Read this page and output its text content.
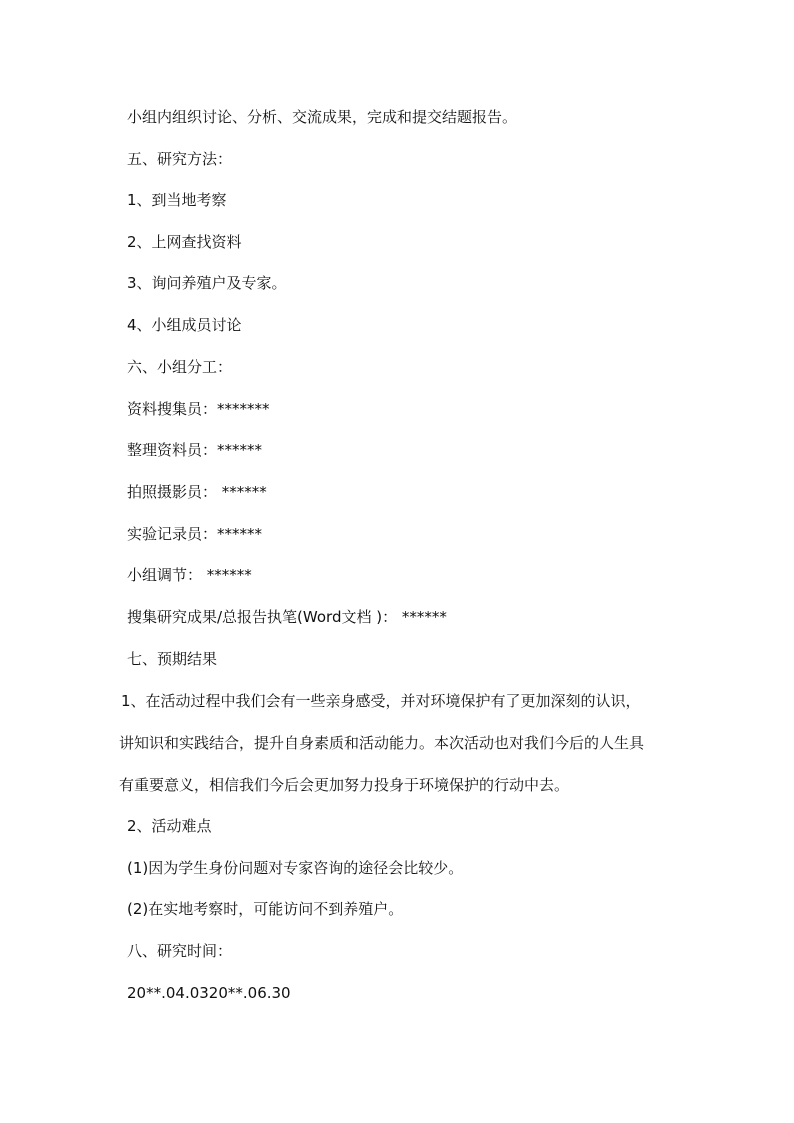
小组内组织讨论、分析、交流成果，完成和提交结题报告。
五、研究方法：
1、到当地考察
2、上网查找资料
3、询问养殖户及专家。
4、小组成员讨论
六、小组分工：
资料搜集员：*******
整理资料员：******
拍照摄影员： ******
实验记录员：******
小组调节： ******
搜集研究成果/总报告执笔(Word文档 )： ******
七、预期结果
1、在活动过程中我们会有一些亲身感受，并对环境保护有了更加深刻的认识，
讲知识和实践结合，提升自身素质和活动能力。本次活动也对我们今后的人生具
有重要意义，相信我们今后会更加努力投身于环境保护的行动中去。
2、活动难点
(1)因为学生身份问题对专家咨询的途径会比较少。
(2)在实地考察时，可能访问不到养殖户。
八、研究时间：
20**.04.0320**.06.30
